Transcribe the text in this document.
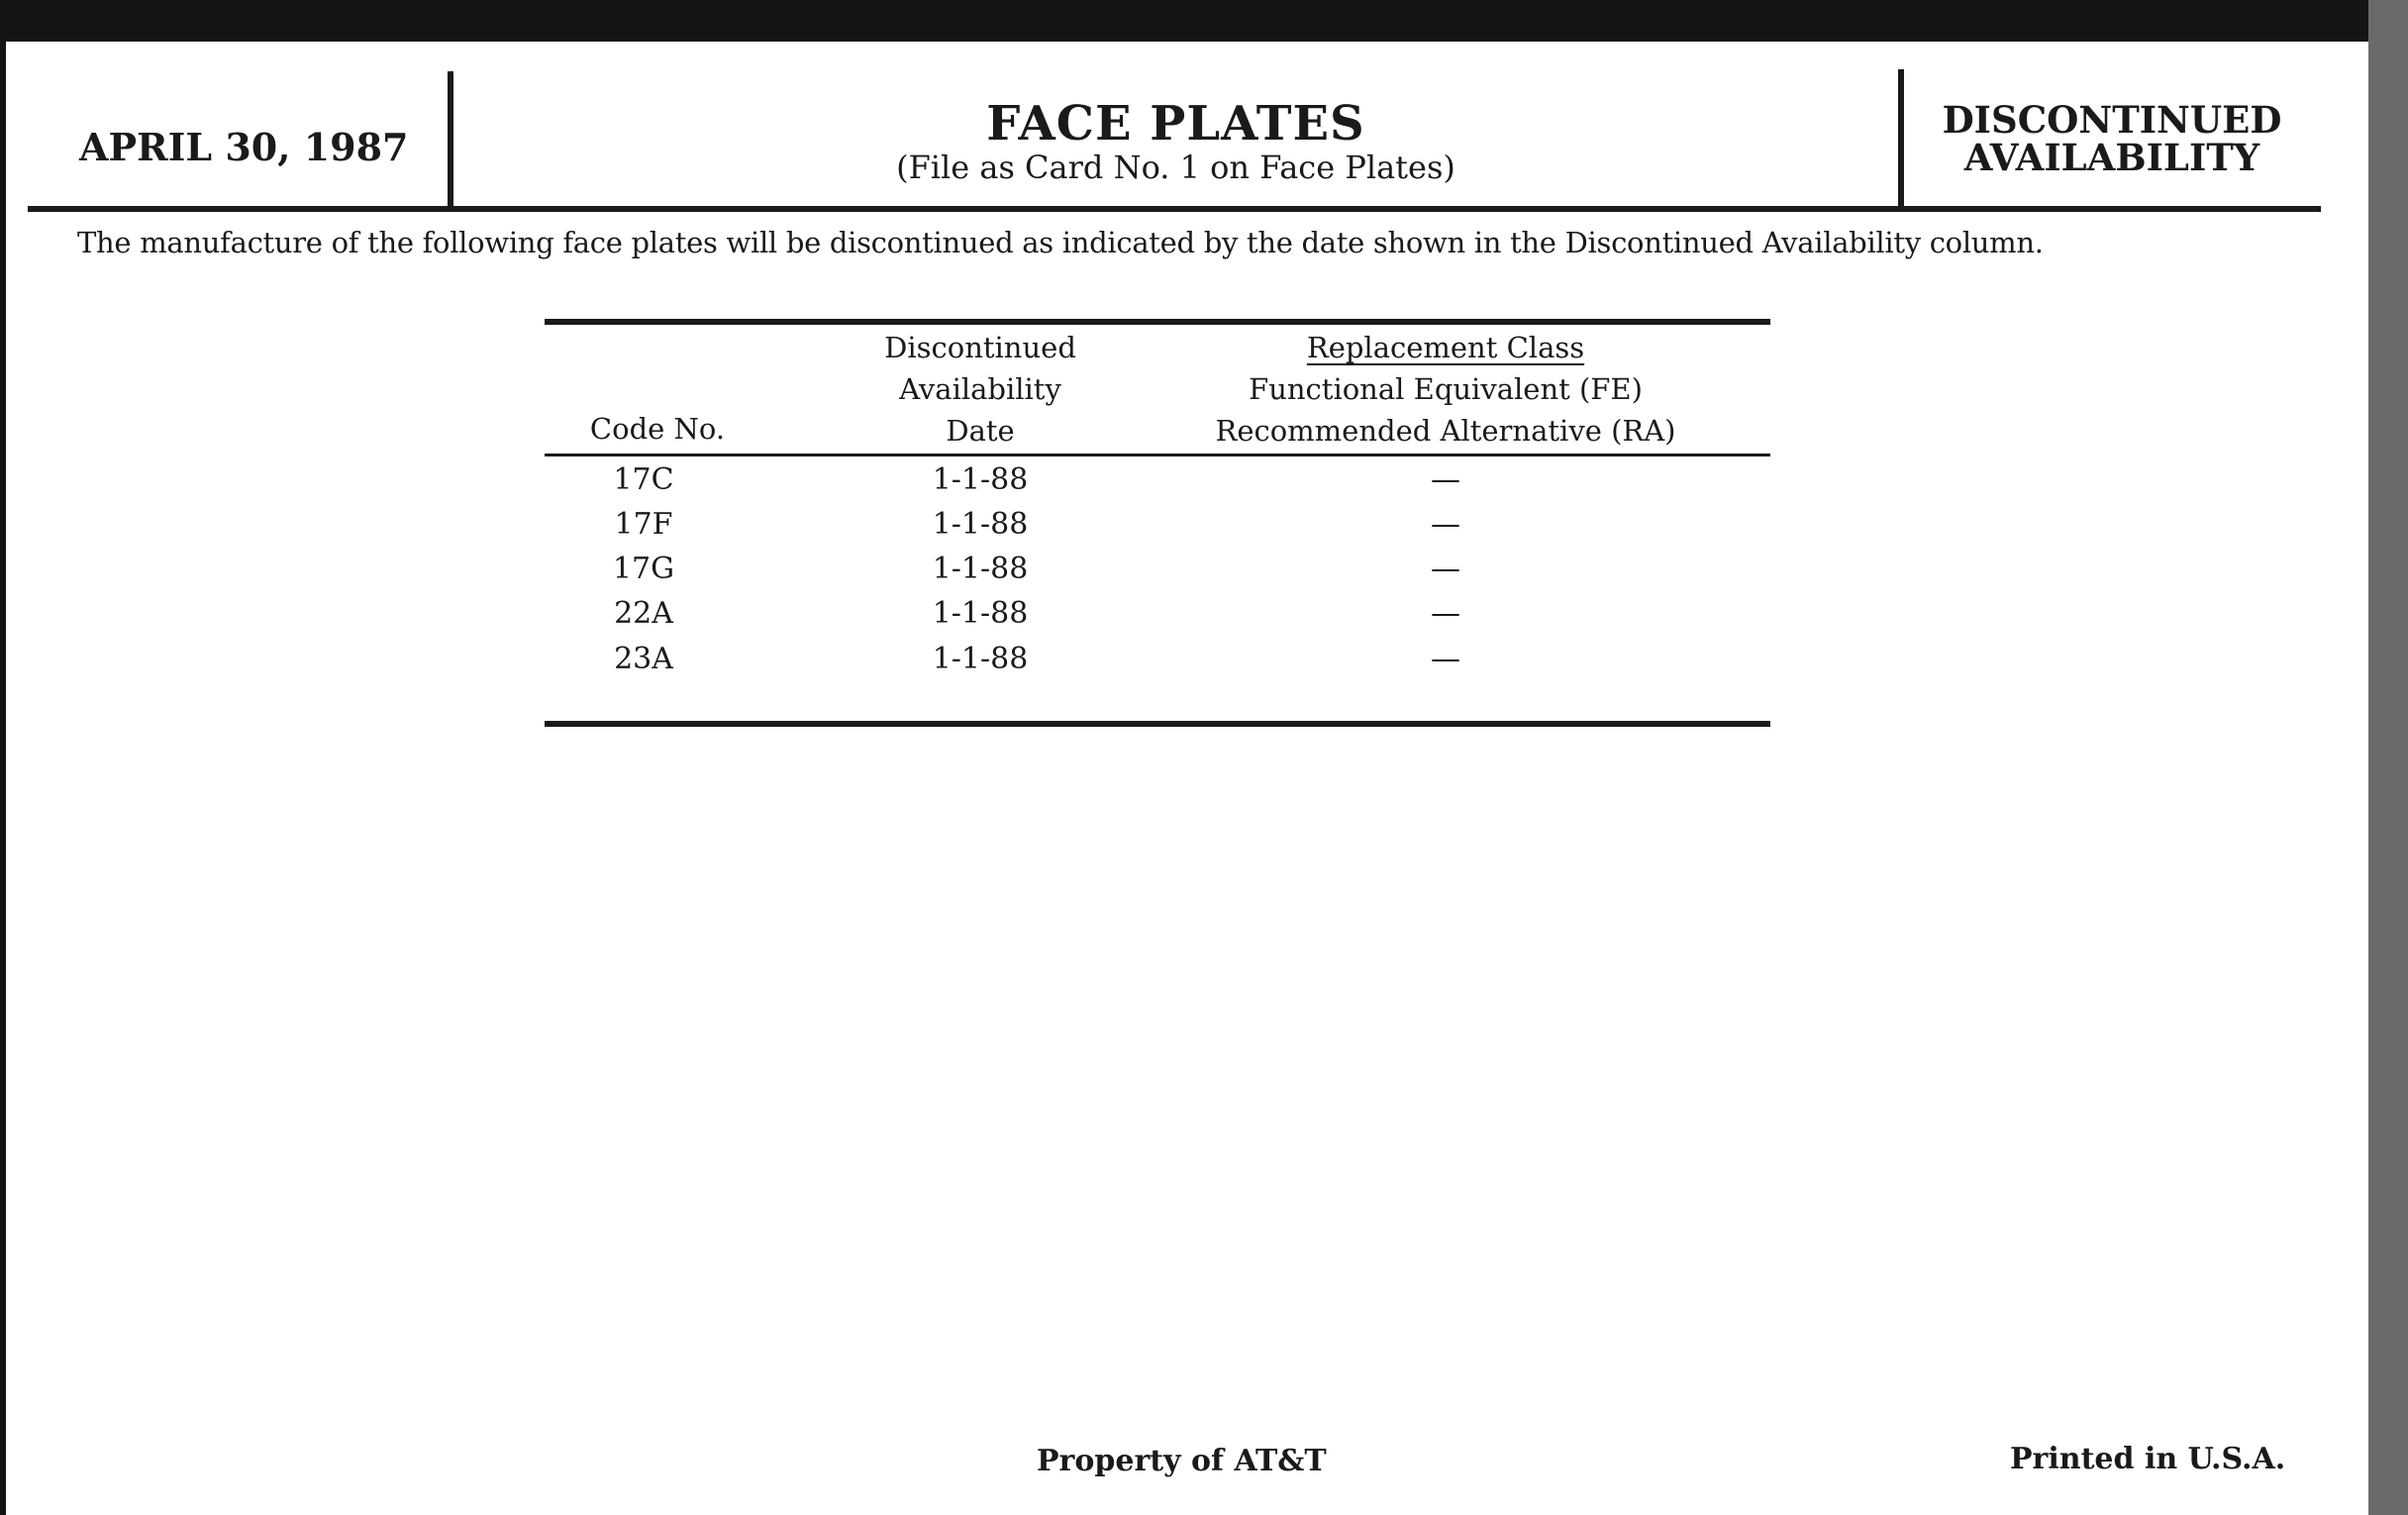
APRIL 30, 1987	FACE PLATES
(File as Card No. 1 on Face Plates)
DISCONTINUED
AVAILABILITY
The manufacture of the following face plates will be discontinued as indicated by the date shown in the Discontinued Availability column.
Code No.
Discontinued
Availability
Date
Replacement Class
Functional Equivalent (FE)
Recommended Alternative (RA)
17C	1-1-88	—
17F	1-1-88	—
17G	1-1-88	—
22A	1-1-88	—
23A	1-1-88	—
Property of AT&T	Printed in U.S.A.
